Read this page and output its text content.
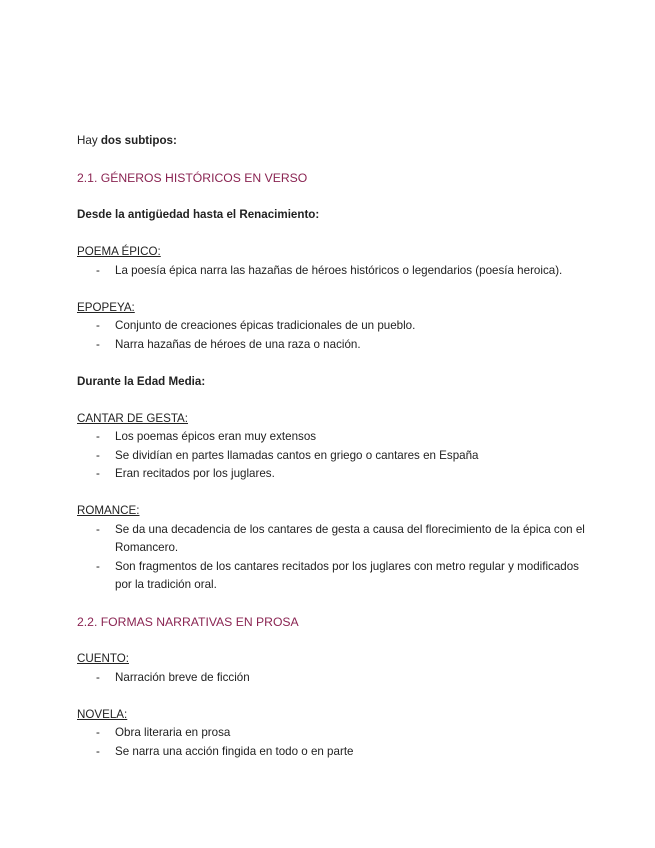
Hay dos subtipos:

2.1. GÉNEROS HISTÓRICOS EN VERSO

Desde la antigüedad hasta el Renacimiento:

POEMA ÉPICO:

- La poesía épica narra las hazañas de héroes históricos o legendarios (poesía heroica).

EPOPEYA:

- Conjunto de creaciones épicas tradicionales de un pueblo.
- Narra hazañas de héroes de una raza o nación.

Durante la Edad Media:

CANTAR DE GESTA:

- Los poemas épicos eran muy extensos
- Se dividían en partes llamadas cantos en griego o cantares en España
- Eran recitados por los juglares.

ROMANCE:

- Se da una decadencia de los cantares de gesta a causa del florecimiento de la épica con el Romancero.
- Son fragmentos de los cantares recitados por los juglares con metro regular y modificados por la tradición oral.

2.2. FORMAS NARRATIVAS EN PROSA

CUENTO:

- Narración breve de ficción

NOVELA:

- Obra literaria en prosa
- Se narra una acción fingida en todo o en parte
